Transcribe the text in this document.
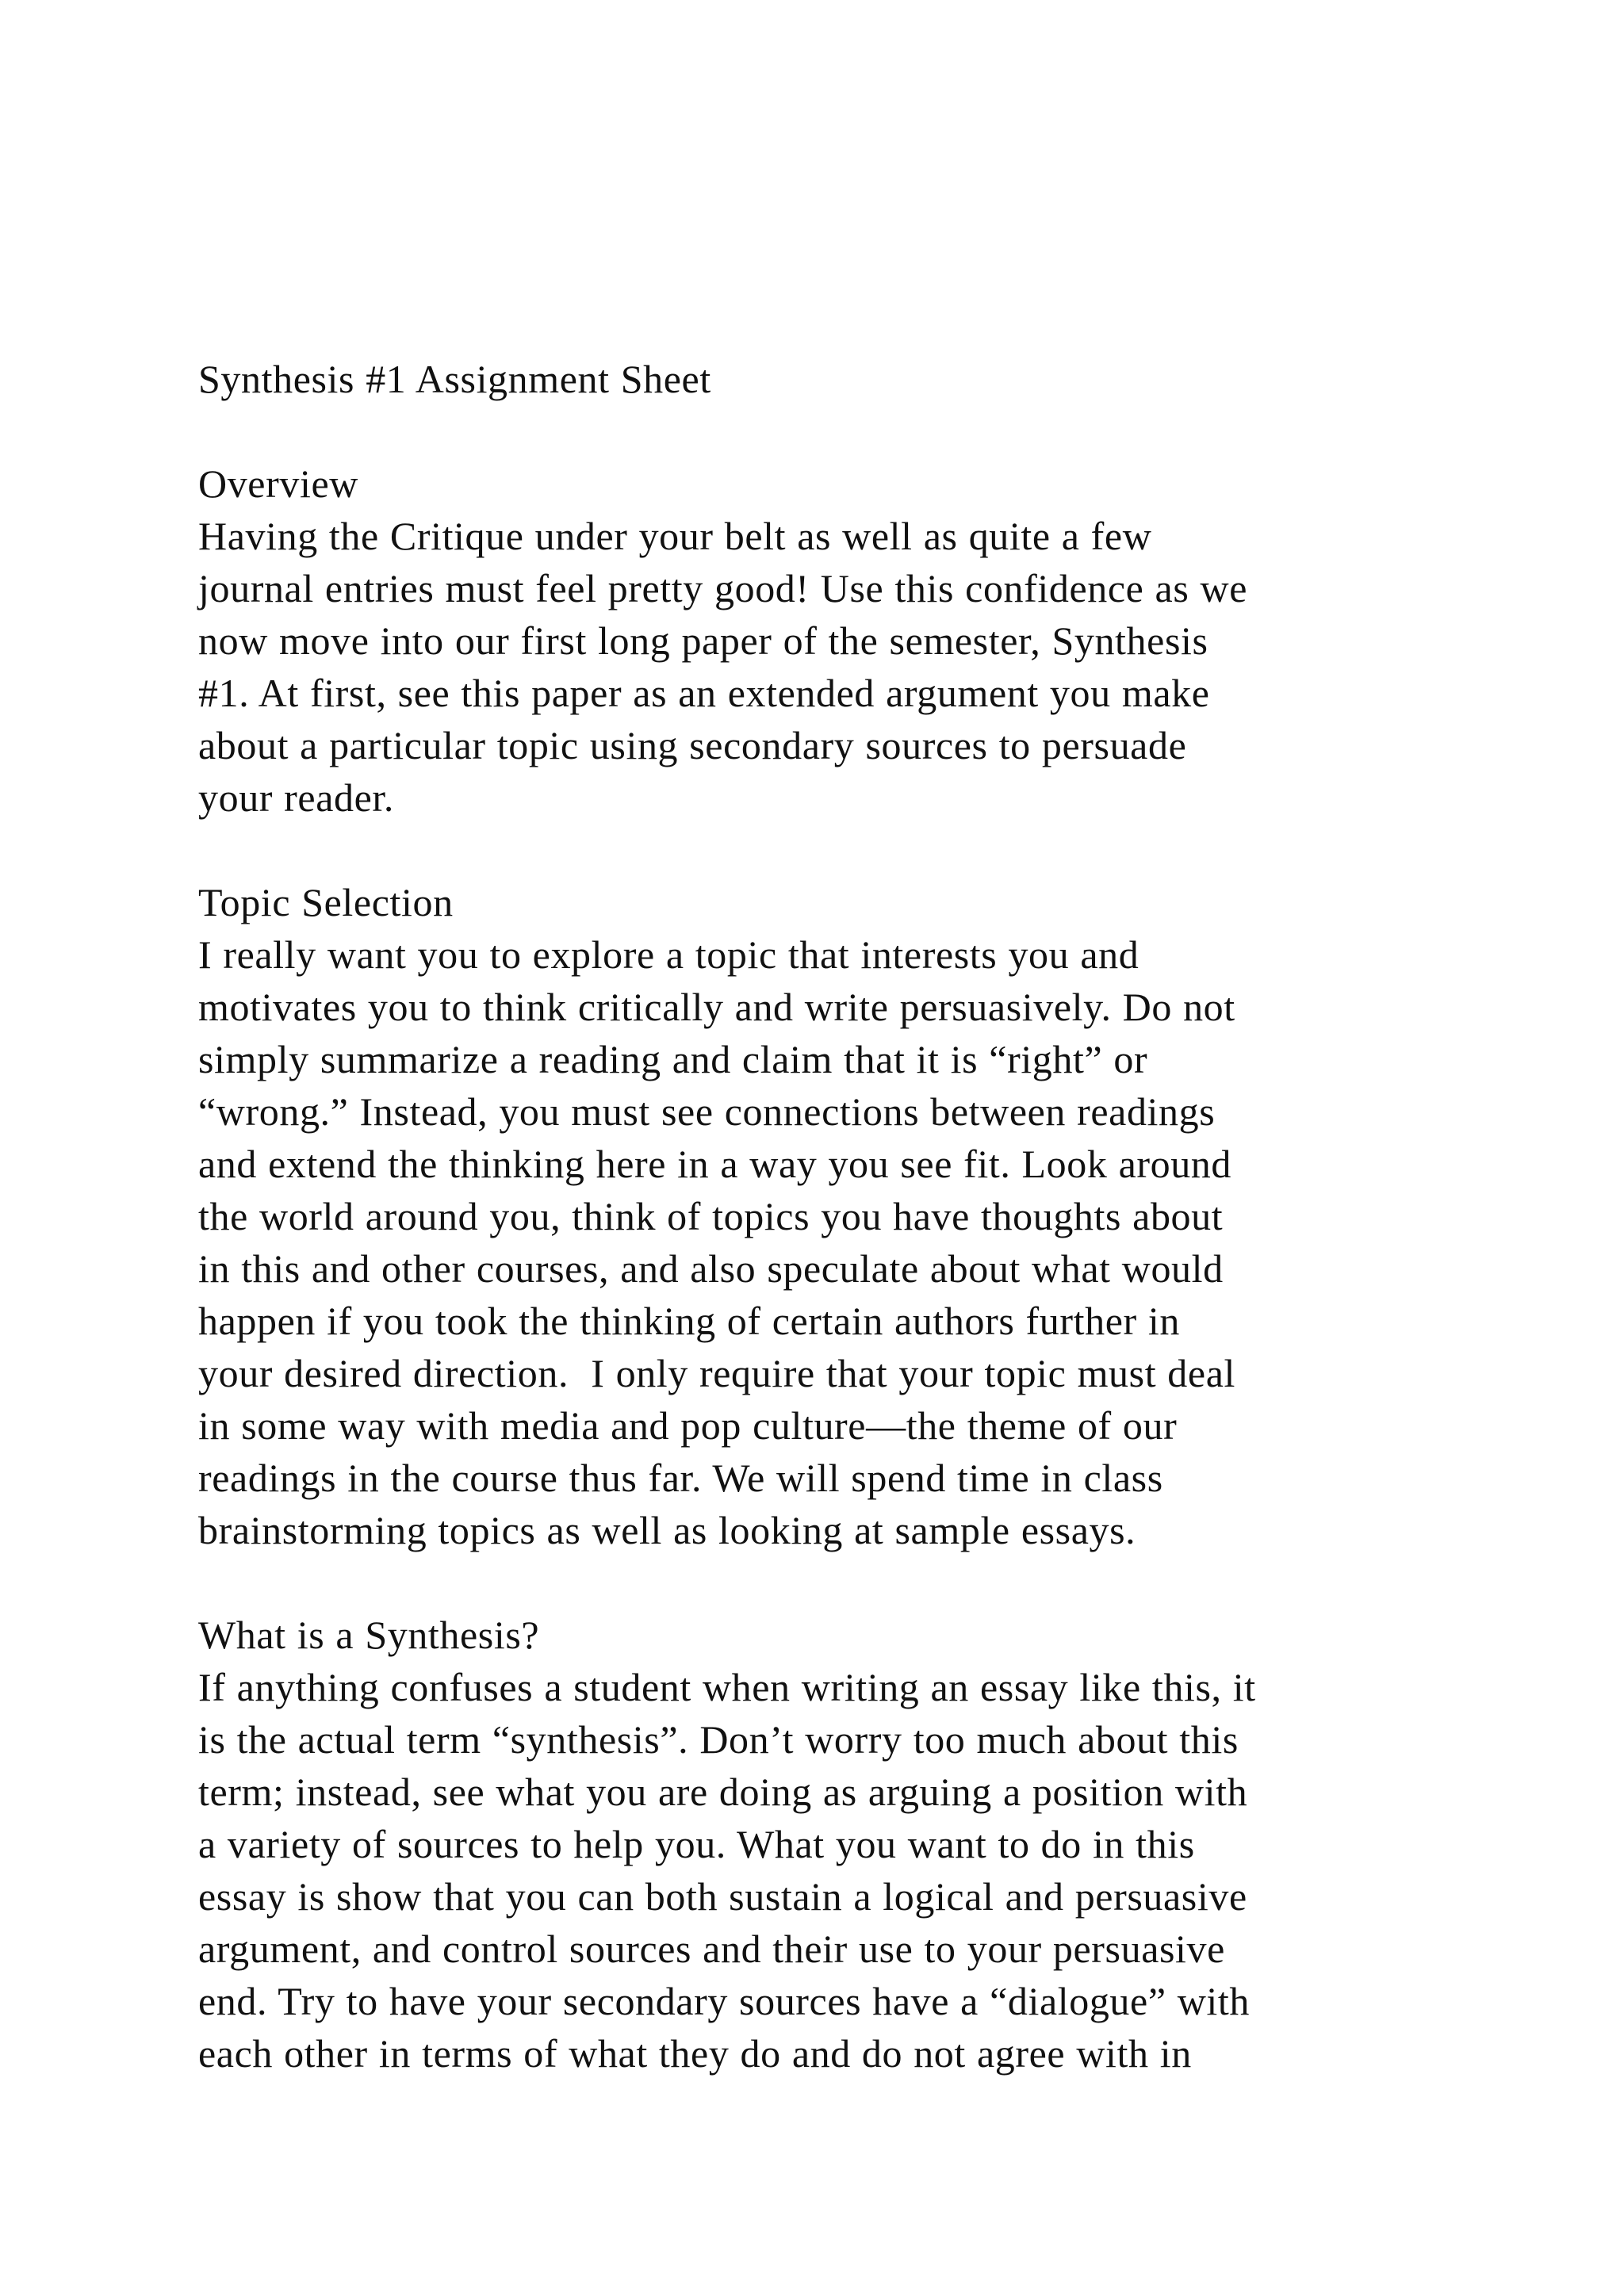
Synthesis #1 Assignment Sheet
Overview
Having the Critique under your belt as well as quite a few
journal entries must feel pretty good! Use this confidence as we
now move into our first long paper of the semester, Synthesis
#1. At first, see this paper as an extended argument you make
about a particular topic using secondary sources to persuade
your reader.
Topic Selection
I really want you to explore a topic that interests you and
motivates you to think critically and write persuasively. Do not
simply summarize a reading and claim that it is “right” or
“wrong.” Instead, you must see connections between readings
and extend the thinking here in a way you see fit. Look around
the world around you, think of topics you have thoughts about
in this and other courses, and also speculate about what would
happen if you took the thinking of certain authors further in
your desired direction.  I only require that your topic must deal
in some way with media and pop culture—the theme of our
readings in the course thus far. We will spend time in class
brainstorming topics as well as looking at sample essays.
What is a Synthesis?
If anything confuses a student when writing an essay like this, it
is the actual term “synthesis”. Don’t worry too much about this
term; instead, see what you are doing as arguing a position with
a variety of sources to help you. What you want to do in this
essay is show that you can both sustain a logical and persuasive
argument, and control sources and their use to your persuasive
end. Try to have your secondary sources have a “dialogue” with
each other in terms of what they do and do not agree with in
